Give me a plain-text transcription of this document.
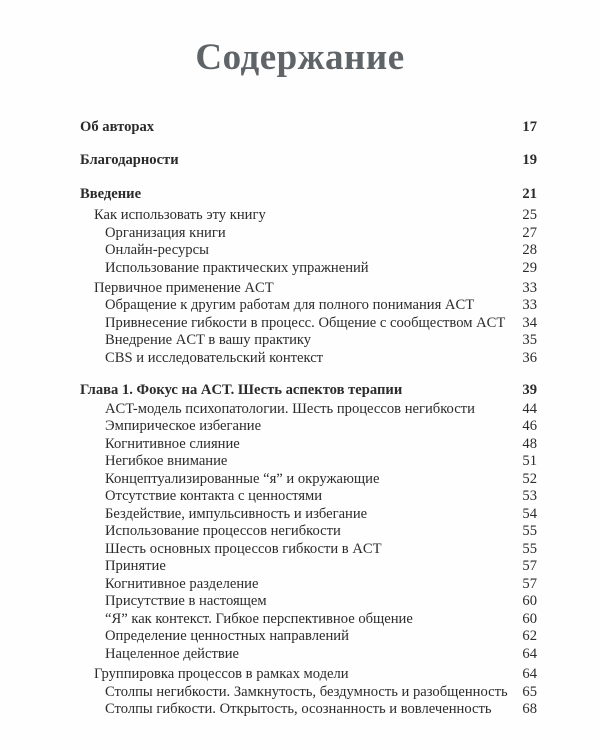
Содержание
Об авторах	17
Благодарности	19
Введение	21
Как использовать эту книгу	25
Организация книги	27
Онлайн-ресурсы	28
Использование практических упражнений	29
Первичное применение ACT	33
Обращение к другим работам для полного понимания ACT	33
Привнесение гибкости в процесс. Общение с сообществом ACT 34
Внедрение ACT в вашу практику	35
CBS и исследовательский контекст	36
Глава 1. Фокус на ACT. Шесть аспектов терапии	39
ACT-модель психопатологии. Шесть процессов негибкости	44
Эмпирическое избегание	46
Когнитивное слияние	48
Негибкое внимание	51
Концептуализированные “я” и окружающие	52
Отсутствие контакта с ценностями	53
Бездействие, импульсивность и избегание	54
Использование процессов негибкости	55
Шесть основных процессов гибкости в ACT	55
Принятие	57
Когнитивное разделение	57
Присутствие в настоящем	60
“Я” как контекст. Гибкое перспективное общение	60
Определение ценностных направлений	62
Нацеленное действие	64
Группировка процессов в рамках модели	64
Столпы негибкости. Замкнутость, бездумность и разобщенность 65
Столпы гибкости. Открытость, осознанность и вовлеченность 68
